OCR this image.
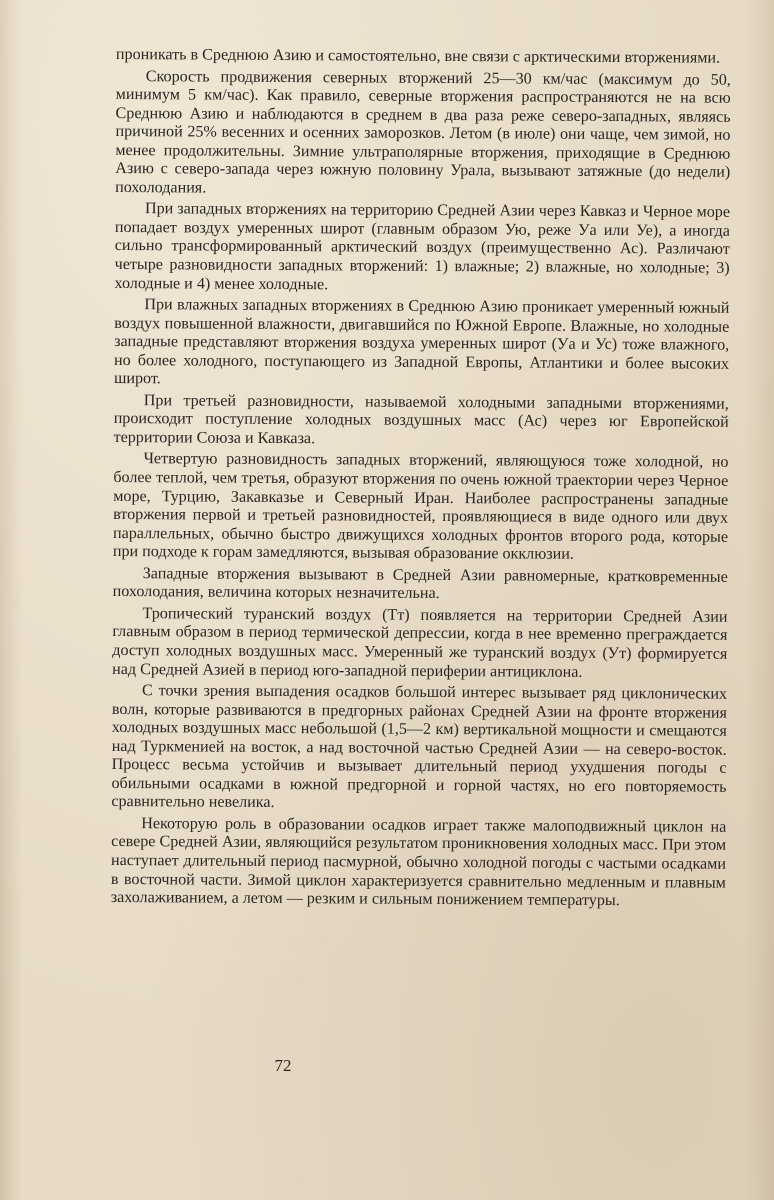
проникать в Среднюю Азию и самостоятельно, вне связи с арктическими вторжениями.

Скорость продвижения северных вторжений 25—30 км/час (максимум до 50, минимум 5 км/час). Как правило, северные вторжения распространяются не на всю Среднюю Азию и наблюдаются в среднем в два раза реже северо-западных, являясь причиной 25% весенних и осенних заморозков. Летом (в июле) они чаще, чем зимой, но менее продолжительны. Зимние ультраполярные вторжения, приходящие в Среднюю Азию с северо-запада через южную половину Урала, вызывают затяжные (до недели) похолодания.

При западных вторжениях на территорию Средней Азии через Кавказ и Черное море попадает воздух умеренных широт (главным образом Ую, реже Уа или Уе), а иногда сильно трансформированный арктический воздух (преимущественно Ас). Различают четыре разновидности западных вторжений: 1) влажные; 2) влажные, но холодные; 3) холодные и 4) менее холодные.

При влажных западных вторжениях в Среднюю Азию проникает умеренный южный воздух повышенной влажности, двигавшийся по Южной Европе. Влажные, но холодные западные представляют вторжения воздуха умеренных широт (Уа и Ус) тоже влажного, но более холодного, поступающего из Западной Европы, Атлантики и более высоких широт.

При третьей разновидности, называемой холодными западными вторжениями, происходит поступление холодных воздушных масс (Ас) через юг Европейской территории Союза и Кавказа.

Четвертую разновидность западных вторжений, являющуюся тоже холодной, но более теплой, чем третья, образуют вторжения по очень южной траектории через Черное море, Турцию, Закавказье и Северный Иран. Наиболее распространены западные вторжения первой и третьей разновидностей, проявляющиеся в виде одного или двух параллельных, обычно быстро движущихся холодных фронтов второго рода, которые при подходе к горам замедляются, вызывая образование окклюзии.

Западные вторжения вызывают в Средней Азии равномерные, кратковременные похолодания, величина которых незначительна.

Тропический туранский воздух (Тт) появляется на территории Средней Азии главным образом в период термической депрессии, когда в нее временно преграждается доступ холодных воздушных масс. Умеренный же туранский воздух (Ут) формируется над Средней Азией в период юго-западной периферии антициклона.

С точки зрения выпадения осадков большой интерес вызывает ряд циклонических волн, которые развиваются в предгорных районах Средней Азии на фронте вторжения холодных воздушных масс небольшой (1,5—2 км) вертикальной мощности и смещаются над Туркменией на восток, а над восточной частью Средней Азии — на северо-восток. Процесс весьма устойчив и вызывает длительный период ухудшения погоды с обильными осадками в южной предгорной и горной частях, но его повторяемость сравнительно невелика.

Некоторую роль в образовании осадков играет также малоподвижный циклон на севере Средней Азии, являющийся результатом проникновения холодных масс. При этом наступает длительный период пасмурной, обычно холодной погоды с частыми осадками в восточной части. Зимой циклон характеризуется сравнительно медленным и плавным захолаживанием, а летом — резким и сильным понижением температуры.

72
